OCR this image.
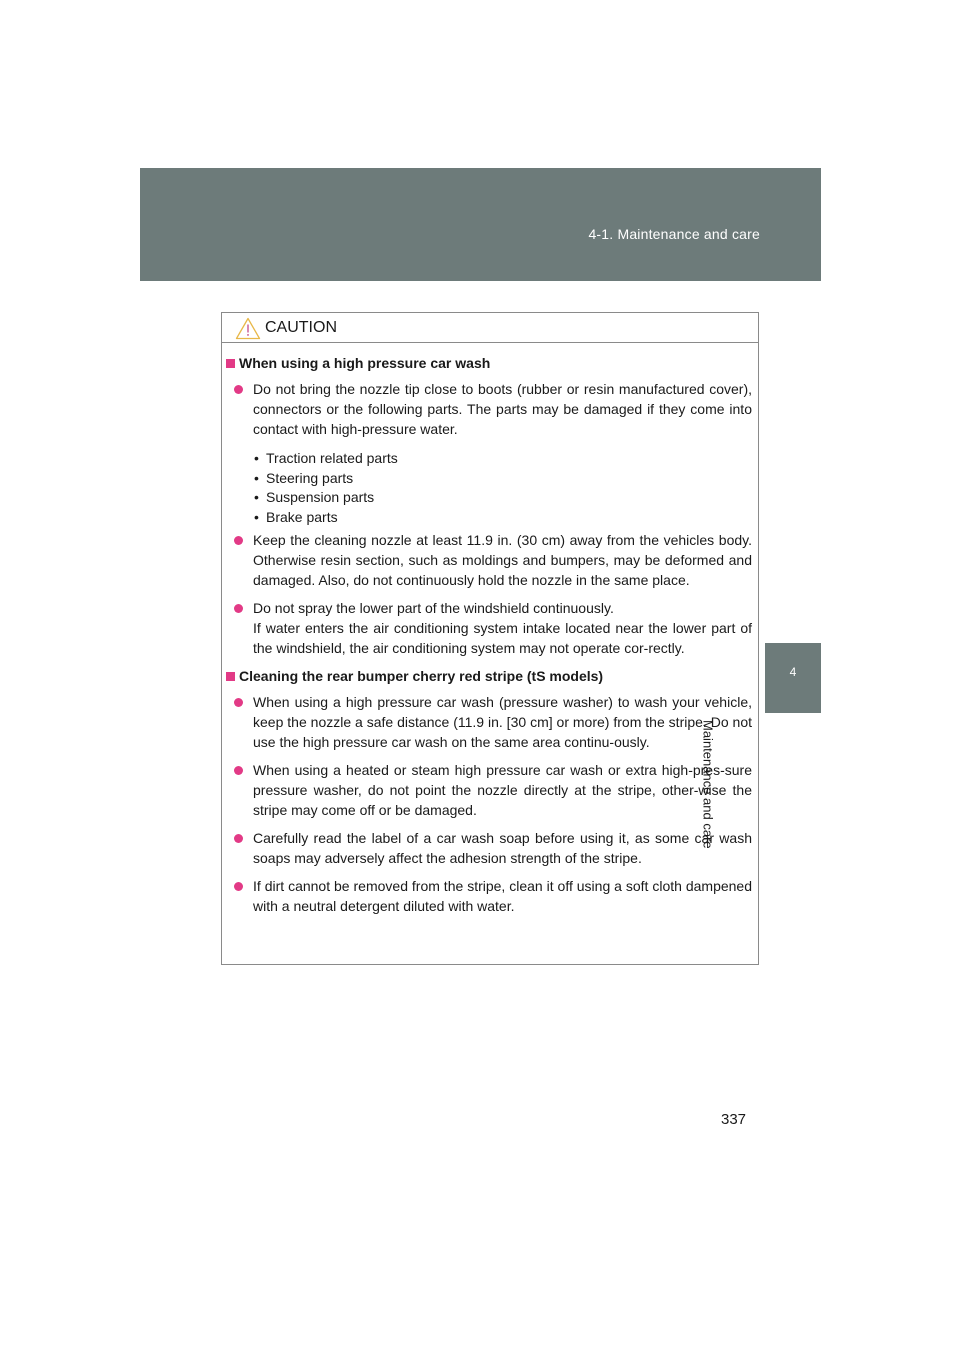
4-1. Maintenance and care
4
Maintenance and care
CAUTION
When using a high pressure car wash
Do not bring the nozzle tip close to boots (rubber or resin manufactured cover), connectors or the following parts. The parts may be damaged if they come into contact with high-pressure water.

• Traction related parts

• Steering parts

• Suspension parts

• Brake parts

Keep the cleaning nozzle at least 11.9 in. (30 cm) away from the vehicles body. Otherwise resin section, such as moldings and bumpers, may be deformed and damaged. Also, do not continuously hold the nozzle in the same place.
Do not spray the lower part of the windshield continuously.
If water enters the air conditioning system intake located near the lower part of the windshield, the air conditioning system may not operate cor-rectly.
Cleaning the rear bumper cherry red stripe (tS models)
When using a high pressure car wash (pressure washer) to wash your vehicle, keep the nozzle a safe distance (11.9 in. [30 cm] or more) from the stripe. Do not use the high pressure car wash on the same area continu-ously.
When using a heated or steam high pressure car wash or extra high-pres-sure pressure washer, do not point the nozzle directly at the stripe, other-wise the stripe may come off or be damaged.
Carefully read the label of a car wash soap before using it, as some car wash soaps may adversely affect the adhesion strength of the stripe.
If dirt cannot be removed from the stripe, clean it off using a soft cloth dampened with a neutral detergent diluted with water.
337
